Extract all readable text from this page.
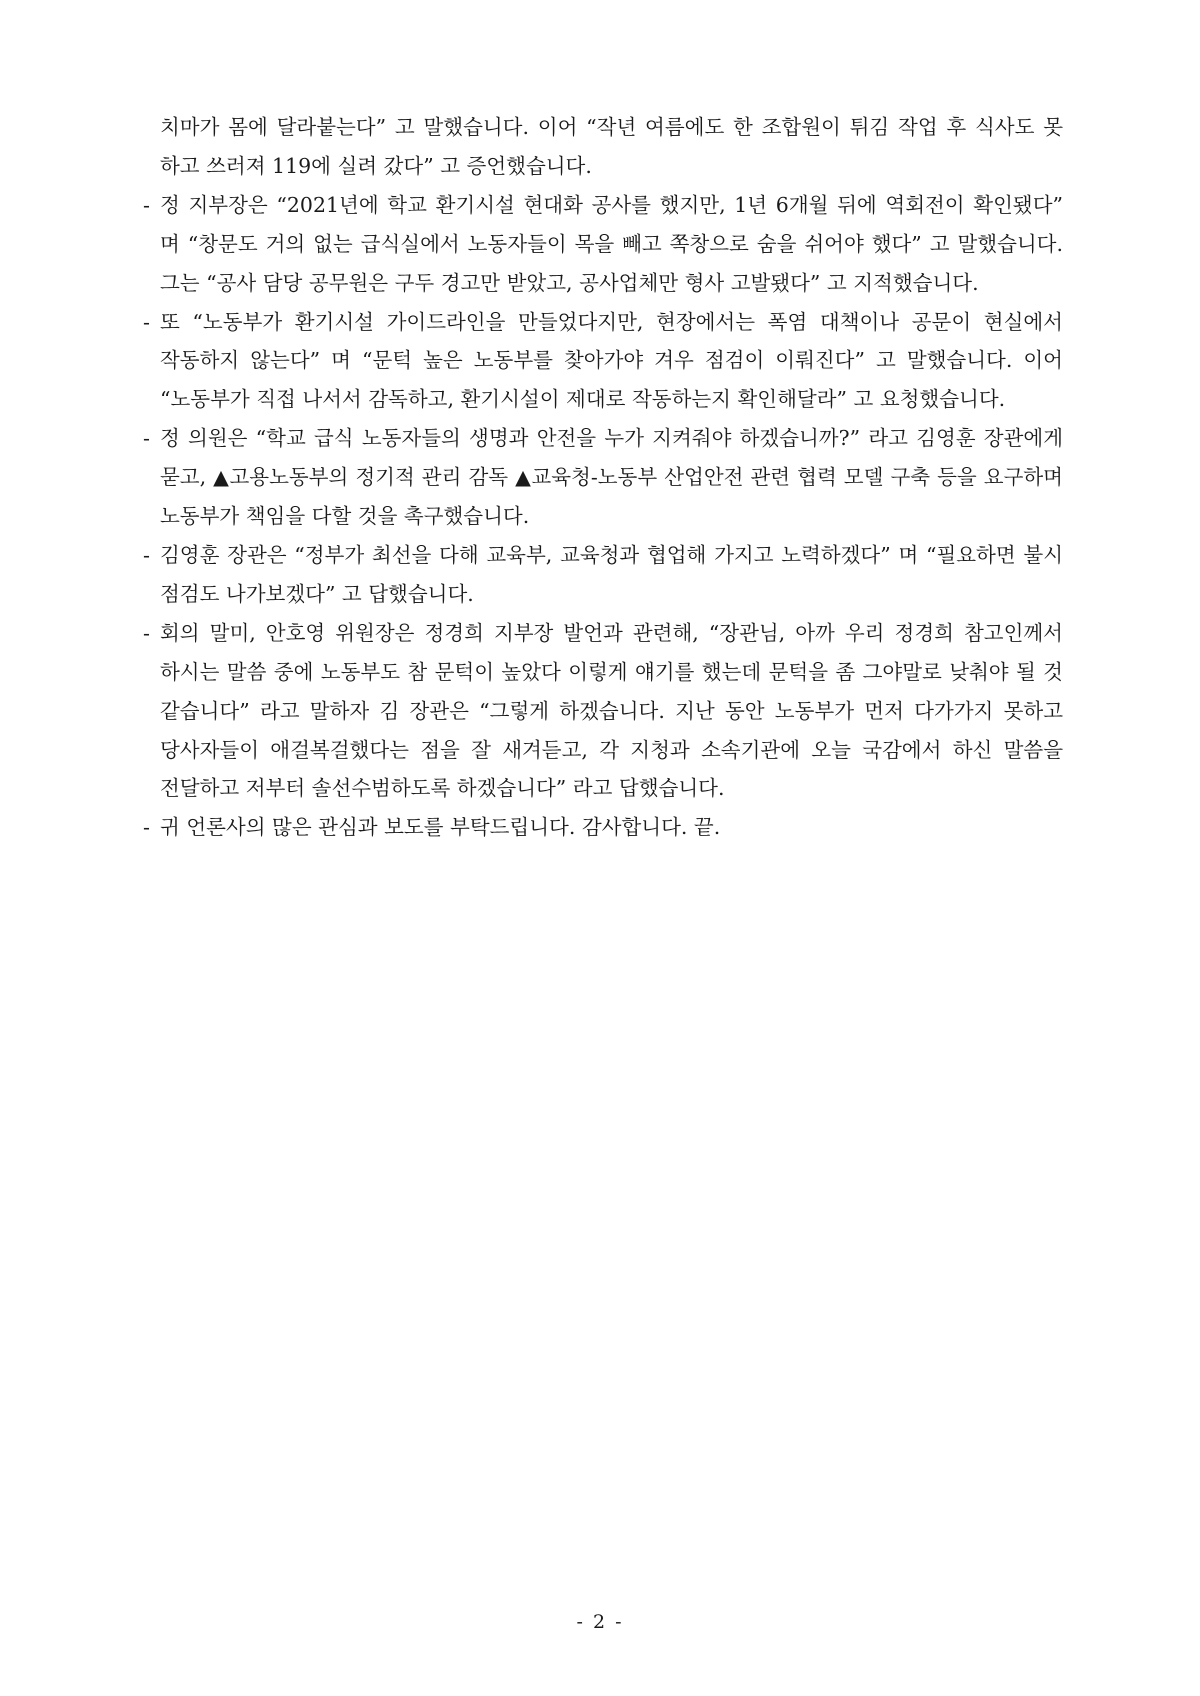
치마가 몸에 달라붙는다” 고 말했습니다. 이어 “작년 여름에도 한 조합원이 튀김 작업 후 식사도 못 하고 쓰러져 119에 실려 갔다” 고 증언했습니다.

- 정 지부장은 “2021년에 학교 환기시설 현대화 공사를 했지만, 1년 6개월 뒤에 역회전이 확인됐다” 며 “창문도 거의 없는 급식실에서 노동자들이 목을 빼고 쪽창으로 숨을 쉬어야 했다” 고 말했습니다. 그는 “공사 담당 공무원은 구두 경고만 받았고, 공사업체만 형사 고발됐다” 고 지적했습니다.

- 또 “노동부가 환기시설 가이드라인을 만들었다지만, 현장에서는 폭염 대책이나 공문이 현실에서 작동하지 않는다” 며 “문턱 높은 노동부를 찾아가야 겨우 점검이 이뤄진다” 고 말했습니다. 이어 “노동부가 직접 나서서 감독하고, 환기시설이 제대로 작동하는지 확인해달라” 고 요청했습니다.

- 정 의원은 “학교 급식 노동자들의 생명과 안전을 누가 지켜줘야 하겠습니까?” 라고 김영훈 장관에게 묻고, ▲고용노동부의 정기적 관리 감독 ▲교육청-노동부 산업안전 관련 협력 모델 구축 등을 요구하며 노동부가 책임을 다할 것을 촉구했습니다.

- 김영훈 장관은 “정부가 최선을 다해 교육부, 교육청과 협업해 가지고 노력하겠다” 며 “필요하면 불시 점검도 나가보겠다” 고 답했습니다.

- 회의 말미, 안호영 위원장은 정경희 지부장 발언과 관련해, “장관님, 아까 우리 정경희 참고인께서 하시는 말씀 중에 노동부도 참 문턱이 높았다 이렇게 얘기를 했는데 문턱을 좀 그야말로 낮춰야 될 것 같습니다” 라고 말하자 김 장관은 “그렇게 하겠습니다. 지난 동안 노동부가 먼저 다가가지 못하고 당사자들이 애걸복걸했다는 점을 잘 새겨듣고, 각 지청과 소속기관에 오늘 국감에서 하신 말씀을 전달하고 저부터 솔선수범하도록 하겠습니다” 라고 답했습니다.

- 귀 언론사의 많은 관심과 보도를 부탁드립니다. 감사합니다. 끝.

- 2 -
